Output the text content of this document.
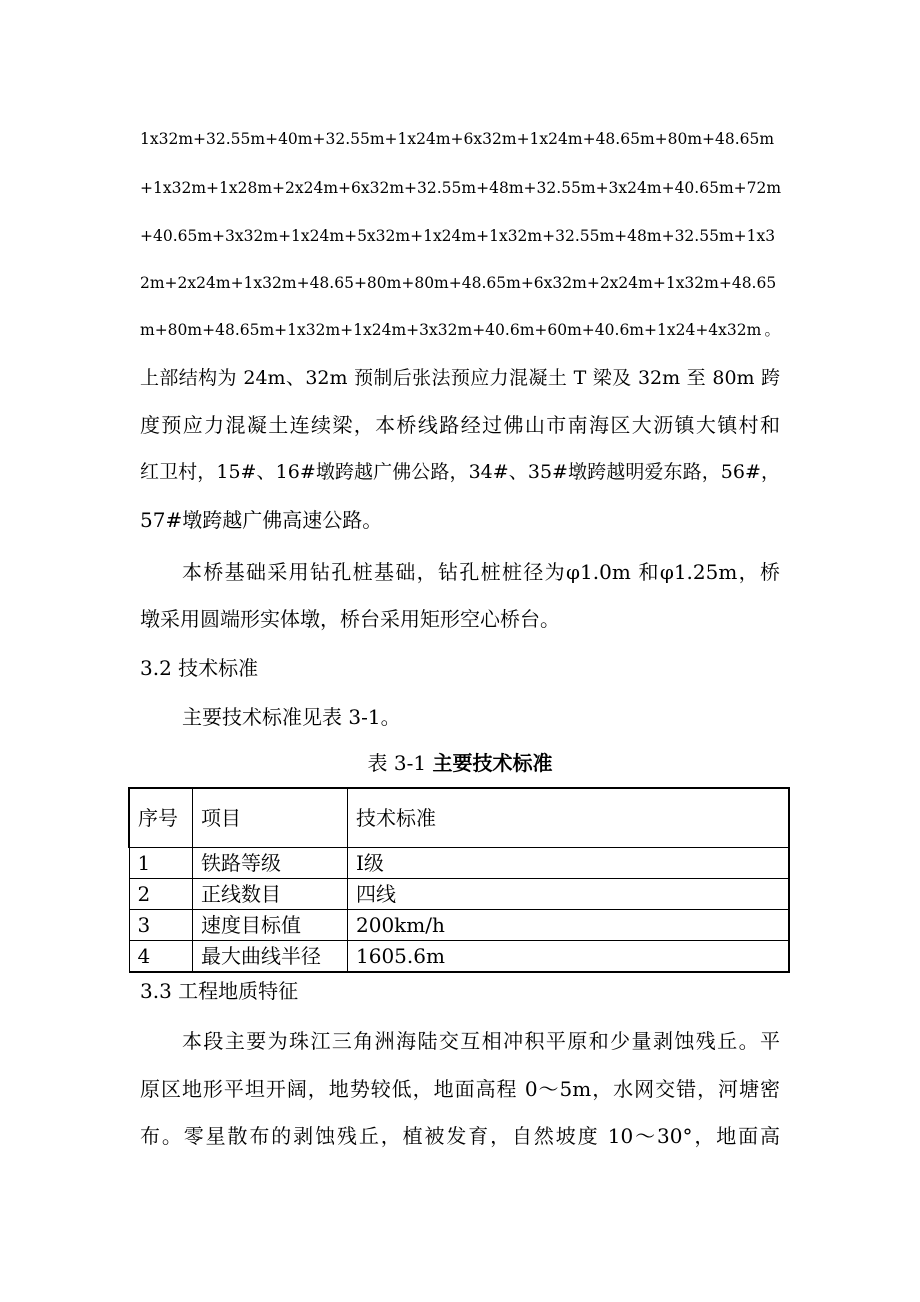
1x32m+32.55m+40m+32.55m+1x24m+6x32m+1x24m+48.65m+80m+48.65m
+1x32m+1x28m+2x24m+6x32m+32.55m+48m+32.55m+3x24m+40.65m+72m
+40.65m+3x32m+1x24m+5x32m+1x24m+1x32m+32.55m+48m+32.55m+1x3
2m+2x24m+1x32m+48.65+80m+80m+48.65m+6x32m+2x24m+1x32m+48.65
m+80m+48.65m+1x32m+1x24m+3x32m+40.6m+60m+40.6m+1x24+4x32m。
上部结构为 24m、32m 预制后张法预应力混凝土 T 梁及 32m 至 80m 跨
度预应力混凝土连续梁，本桥线路经过佛山市南海区大沥镇大镇村和
红卫村，15#、16#墩跨越广佛公路，34#、35#墩跨越明爱东路，56#，
57#墩跨越广佛高速公路。
本桥基础采用钻孔桩基础，钻孔桩桩径为φ1.0m 和φ1.25m，桥
墩采用圆端形实体墩，桥台采用矩形空心桥台。
3.2 技术标准
主要技术标准见表 3-1。
表 3-1 主要技术标准
序号	项目	技术标准
1	铁路等级	Ⅰ级
2	正线数目	四线
3	速度目标值	200km/h
4	最大曲线半径	1605.6m
3.3 工程地质特征
本段主要为珠江三角洲海陆交互相冲积平原和少量剥蚀残丘。平
原区地形平坦开阔，地势较低，地面高程 0～5m，水网交错，河塘密
布。零星散布的剥蚀残丘，植被发育，自然坡度 10～30°，地面高
